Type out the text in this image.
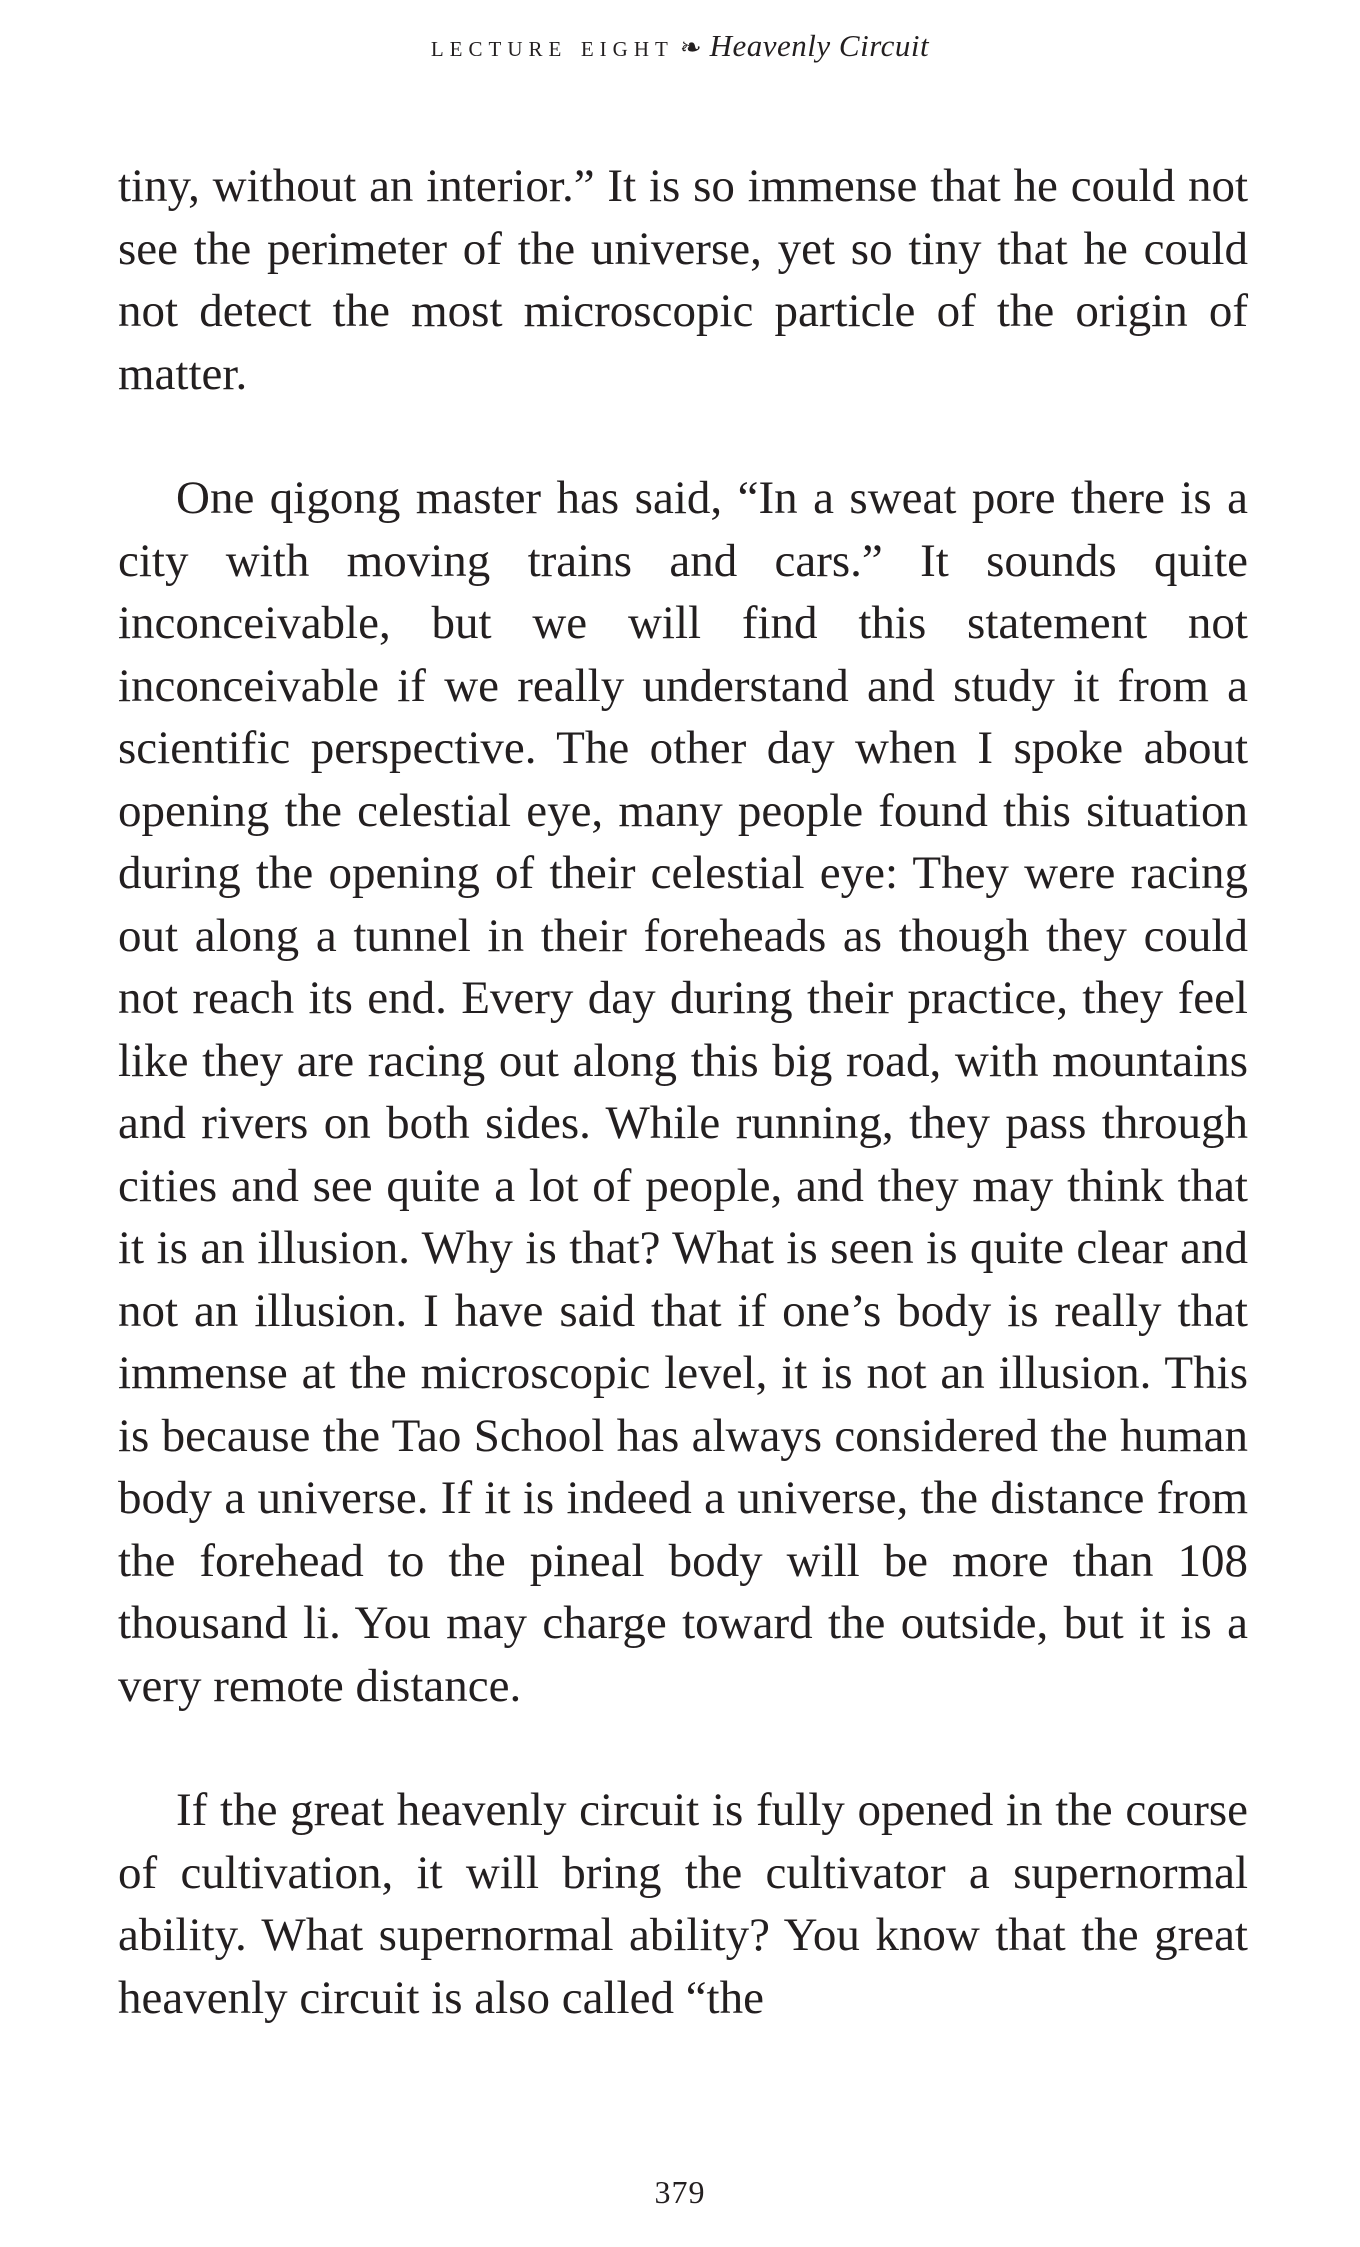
lecture eight ❧ Heavenly Circuit

tiny, without an interior.” It is so immense that he could not see the perimeter of the universe, yet so tiny that he could not detect the most microscopic particle of the origin of matter.

One qigong master has said, “In a sweat pore there is a city with moving trains and cars.” It sounds quite inconceivable, but we will find this statement not inconceivable if we really understand and study it from a scientific perspective. The other day when I spoke about opening the celestial eye, many people found this situation during the opening of their celestial eye: They were racing out along a tunnel in their foreheads as though they could not reach its end. Every day during their practice, they feel like they are racing out along this big road, with mountains and rivers on both sides. While running, they pass through cities and see quite a lot of people, and they may think that it is an illusion. Why is that? What is seen is quite clear and not an illusion. I have said that if one’s body is really that immense at the microscopic level, it is not an illusion. This is because the Tao School has always considered the human body a universe. If it is indeed a universe, the distance from the forehead to the pineal body will be more than 108 thousand li. You may charge toward the outside, but it is a very remote distance.

If the great heavenly circuit is fully opened in the course of cultivation, it will bring the cultivator a supernormal ability. What supernormal ability? You know that the great heavenly circuit is also called “the

379
